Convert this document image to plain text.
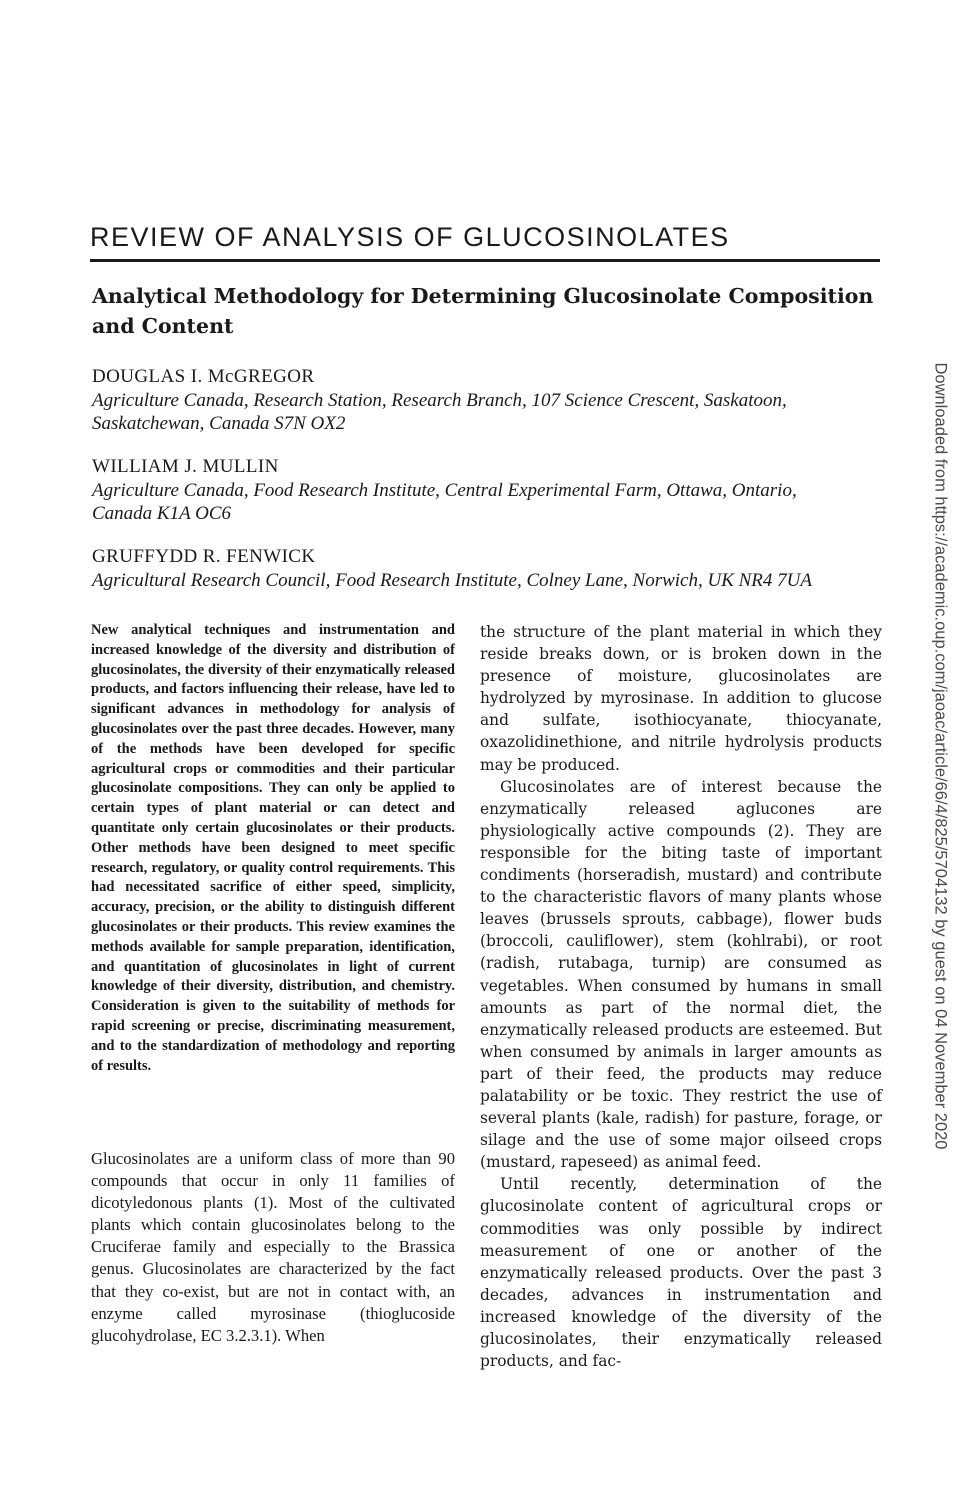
REVIEW OF ANALYSIS OF GLUCOSINOLATES
Analytical Methodology for Determining Glucosinolate Composition and Content
DOUGLAS I. McGREGOR
Agriculture Canada, Research Station, Research Branch, 107 Science Crescent, Saskatoon,
Saskatchewan, Canada S7N OX2
WILLIAM J. MULLIN
Agriculture Canada, Food Research Institute, Central Experimental Farm, Ottawa, Ontario,
Canada K1A OC6
GRUFFYDD R. FENWICK
Agricultural Research Council, Food Research Institute, Colney Lane, Norwich, UK NR4 7UA

New analytical techniques and instrumentation and increased knowledge of the diversity and distribution of glucosinolates, the diversity of their enzymatically released products, and factors influencing their release, have led to significant advances in methodology for analysis of glucosinolates over the past three decades. However, many of the methods have been developed for specific agricultural crops or commodities and their particular glucosinolate compositions. They can only be applied to certain types of plant material or can detect and quantitate only certain glucosinolates or their products. Other methods have been designed to meet specific research, regulatory, or quality control requirements. This had necessitated sacrifice of either speed, simplicity, accuracy, precision, or the ability to distinguish different glucosinolates or their products. This review examines the methods available for sample preparation, identification, and quantitation of glucosinolates in light of current knowledge of their diversity, distribution, and chemistry. Consideration is given to the suitability of methods for rapid screening or precise, discriminating measurement, and to the standardization of methodology and reporting of results.

Glucosinolates are a uniform class of more than 90 compounds that occur in only 11 families of dicotyledonous plants (1). Most of the cultivated plants which contain glucosinolates belong to the Cruciferae family and especially to the Brassica genus. Glucosinolates are characterized by the fact that they co-exist, but are not in contact with, an enzyme called myrosinase (thioglucoside glucohydrolase, EC 3.2.3.1). When

the structure of the plant material in which they reside breaks down, or is broken down in the presence of moisture, glucosinolates are hydrolyzed by myrosinase. In addition to glucose and sulfate, isothiocyanate, thiocyanate, oxazolidinethione, and nitrile hydrolysis products may be produced.

Glucosinolates are of interest because the enzymatically released aglucones are physiologically active compounds (2). They are responsible for the biting taste of important condiments (horseradish, mustard) and contribute to the characteristic flavors of many plants whose leaves (brussels sprouts, cabbage), flower buds (broccoli, cauliflower), stem (kohlrabi), or root (radish, rutabaga, turnip) are consumed as vegetables. When consumed by humans in small amounts as part of the normal diet, the enzymatically released products are esteemed. But when consumed by animals in larger amounts as part of their feed, the products may reduce palatability or be toxic. They restrict the use of several plants (kale, radish) for pasture, forage, or silage and the use of some major oilseed crops (mustard, rapeseed) as animal feed.

Until recently, determination of the glucosinolate content of agricultural crops or commodities was only possible by indirect measurement of one or another of the enzymatically released products. Over the past 3 decades, advances in instrumentation and increased knowledge of the diversity of the glucosinolates, their enzymatically released products, and fac-

Downloaded from https://academic.oup.com/jaoac/article/66/4/825/5704132 by guest on 04 November 2020
